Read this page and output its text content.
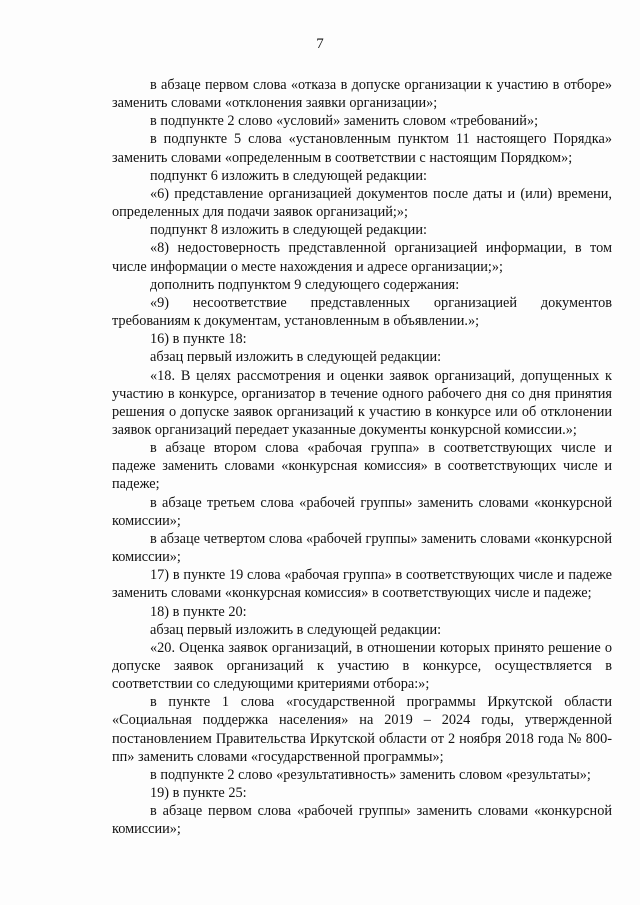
7

в абзаце первом слова «отказа в допуске организации к участию в отборе» заменить словами «отклонения заявки организации»;

в подпункте 2 слово «условий» заменить словом «требований»;

в подпункте 5 слова «установленным пунктом 11 настоящего Порядка» заменить словами «определенным в соответствии с настоящим Порядком»;

подпункт 6 изложить в следующей редакции:

«6) представление организацией документов после даты и (или) времени, определенных для подачи заявок организаций;»;

подпункт 8 изложить в следующей редакции:

«8) недостоверность представленной организацией информации, в том числе информации о месте нахождения и адресе организации;»;

дополнить подпунктом 9 следующего содержания:

«9) несоответствие представленных организацией документов требованиям к документам, установленным в объявлении.»;

16) в пункте 18:

абзац первый изложить в следующей редакции:

«18. В целях рассмотрения и оценки заявок организаций, допущенных к участию в конкурсе, организатор в течение одного рабочего дня со дня принятия решения о допуске заявок организаций к участию в конкурсе или об отклонении заявок организаций передает указанные документы конкурсной комиссии.»;

в абзаце втором слова «рабочая группа» в соответствующих числе и падеже заменить словами «конкурсная комиссия» в соответствующих числе и падеже;

в абзаце третьем слова «рабочей группы» заменить словами «конкурсной комиссии»;

в абзаце четвертом слова «рабочей группы» заменить словами «конкурсной комиссии»;

17) в пункте 19 слова «рабочая группа» в соответствующих числе и падеже заменить словами «конкурсная комиссия» в соответствующих числе и падеже;

18) в пункте 20:

абзац первый изложить в следующей редакции:

«20. Оценка заявок организаций, в отношении которых принято решение о допуске заявок организаций к участию в конкурсе, осуществляется в соответствии со следующими критериями отбора:»;

в пункте 1 слова «государственной программы Иркутской области «Социальная поддержка населения» на 2019 – 2024 годы, утвержденной постановлением Правительства Иркутской области от 2 ноября 2018 года № 800-пп» заменить словами «государственной программы»;

в подпункте 2 слово «результативность» заменить словом «результаты»;

19) в пункте 25:

в абзаце первом слова «рабочей группы» заменить словами «конкурсной комиссии»;
